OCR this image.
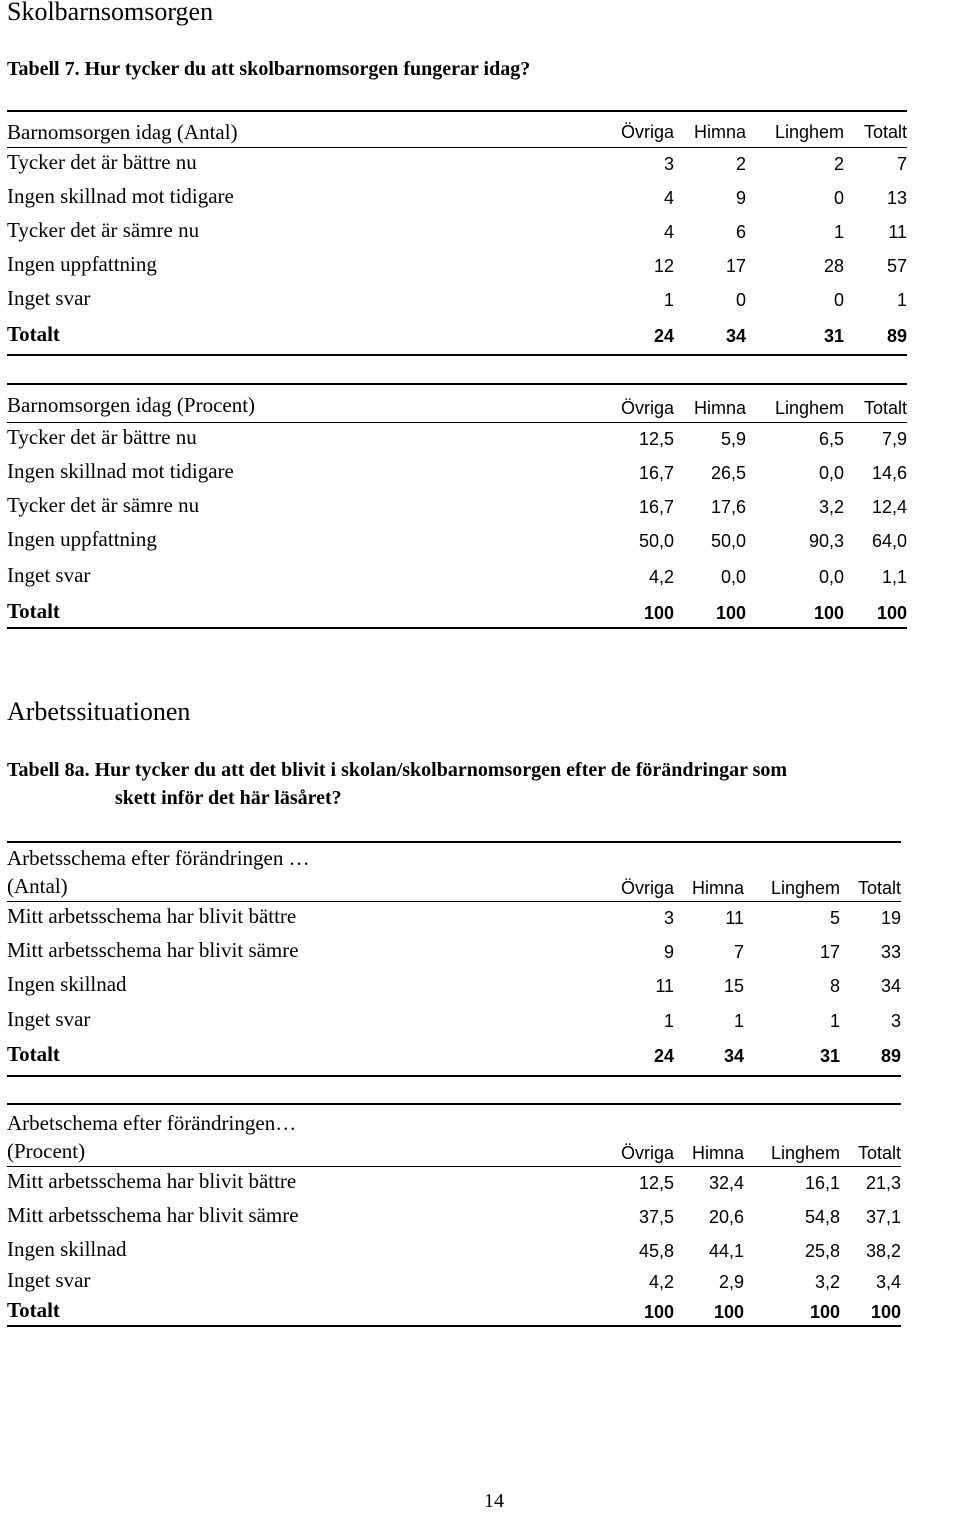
Skolbarnsomsorgen
Tabell 7. Hur tycker du att skolbarnomsorgen fungerar idag?
Barnomsorgen idag (Antal)	Övriga Himna Linghem Totalt
Tycker det är bättre nu	3	2	2	7
Ingen skillnad mot tidigare	4	9	0 13
Tycker det är sämre nu	4	6	1 11
Ingen uppfattning	12	17	28 57
Inget svar	1	0	0	1
Totalt	24	34	31 89
Barnomsorgen idag (Procent)	Övriga Himna Linghem Totalt
Tycker det är bättre nu	12,5	5,9	6,5 7,9
Ingen skillnad mot tidigare	16,7 26,5	0,0 14,6
Tycker det är sämre nu	16,7 17,6	3,2 12,4
Ingen uppfattning	50,0 50,0	90,3 64,0
Inget svar	4,2	0,0	0,0 1,1
Totalt	100 100	100 100
Arbetssituationen
Tabell 8a. Hur tycker du att det blivit i skolan/skolbarnomsorgen efter de förändringar som
skett inför det här läsåret?
Arbetsschema efter förändringen …
(Antal)	Övriga Himna Linghem Totalt
Mitt arbetsschema har blivit bättre	3	11	5 19
Mitt arbetsschema har blivit sämre	9	7	17 33
Ingen skillnad	11	15	8 34
Inget svar	1	1	1	3
Totalt	24	34	31 89
Arbetschema efter förändringen…
(Procent)	Övriga Himna Linghem Totalt
Mitt arbetsschema har blivit bättre	12,5 32,4	16,1 21,3
Mitt arbetsschema har blivit sämre	37,5 20,6	54,8 37,1
Ingen skillnad	45,8 44,1	25,8 38,2
Inget svar	4,2 2,9	3,2 3,4
Totalt	100 100	100 100
14
